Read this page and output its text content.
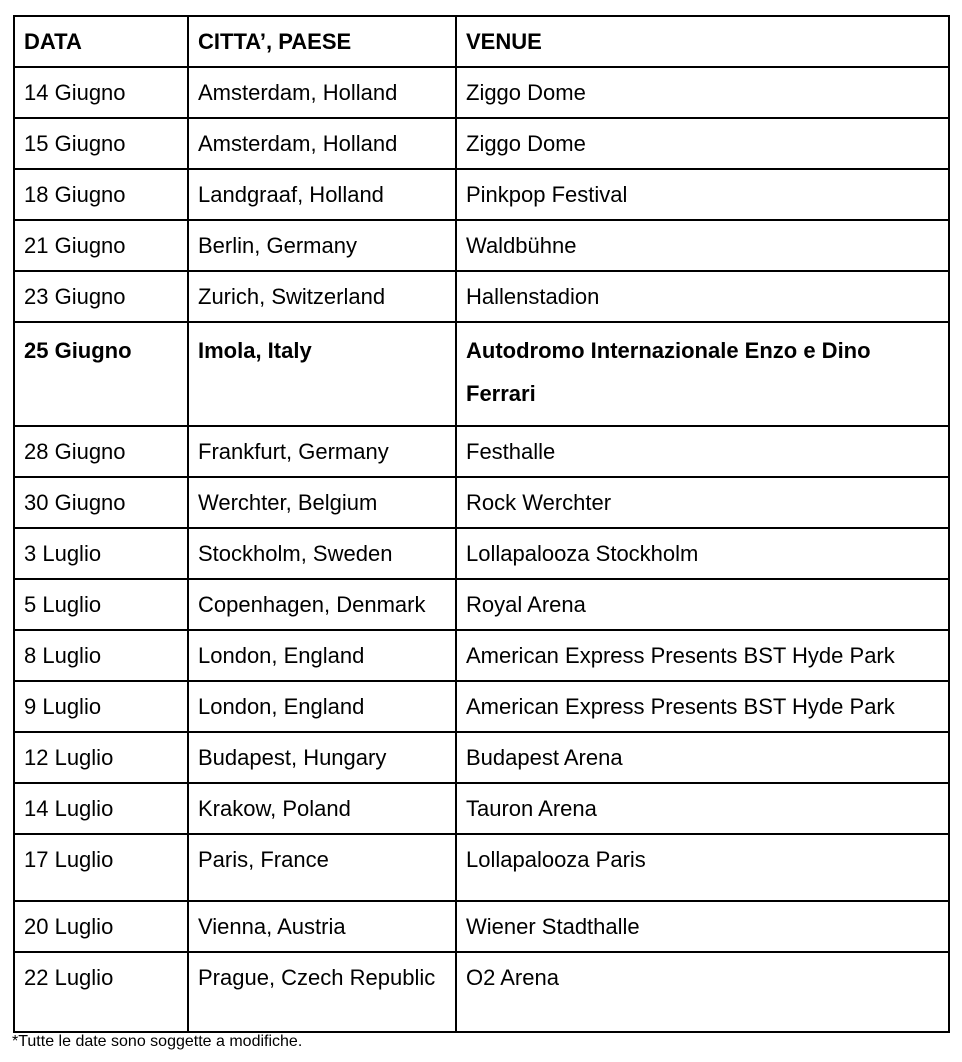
DATA	CITTA’, PAESE	VENUE
14 Giugno	Amsterdam, Holland	Ziggo Dome
15 Giugno	Amsterdam, Holland	Ziggo Dome
18 Giugno	Landgraaf, Holland	Pinkpop Festival
21 Giugno	Berlin, Germany	Waldbühne
23 Giugno	Zurich, Switzerland	Hallenstadion
25 Giugno	Imola, Italy	Autodromo Internazionale Enzo e Dino Ferrari
28 Giugno	Frankfurt, Germany	Festhalle
30 Giugno	Werchter, Belgium	Rock Werchter
3 Luglio	Stockholm, Sweden	Lollapalooza Stockholm
5 Luglio	Copenhagen, Denmark	Royal Arena
8 Luglio	London, England	American Express Presents BST Hyde Park
9 Luglio	London, England	American Express Presents BST Hyde Park
12 Luglio	Budapest, Hungary	Budapest Arena
14 Luglio	Krakow, Poland	Tauron Arena
17 Luglio	Paris, France	Lollapalooza Paris
20 Luglio	Vienna, Austria	Wiener Stadthalle
22 Luglio	Prague, Czech Republic	O2 Arena
*Tutte le date sono soggette a modifiche.
